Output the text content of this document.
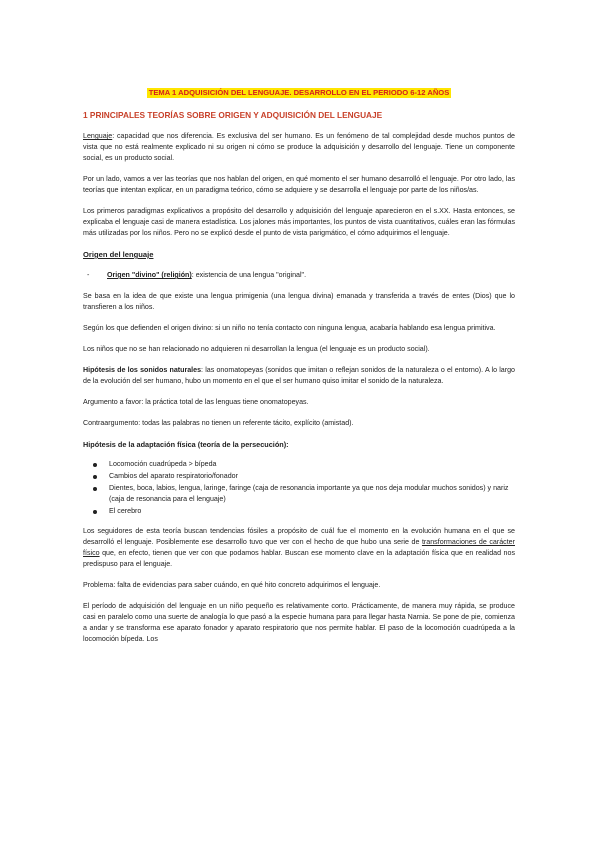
TEMA 1 ADQUISICIÓN DEL LENGUAJE. DESARROLLO EN EL PERIODO 6-12 AÑOS
1 PRINCIPALES TEORÍAS SOBRE ORIGEN Y ADQUISICIÓN DEL LENGUAJE

Lenguaje: capacidad que nos diferencia. Es exclusiva del ser humano. Es un fenómeno de tal complejidad desde muchos puntos de vista que no está realmente explicado ni su origen ni cómo se produce la adquisición y desarrollo del lenguaje. Tiene un componente social, es un producto social.

Por un lado, vamos a ver las teorías que nos hablan del origen, en qué momento el ser humano desarrolló el lenguaje. Por otro lado, las teorías que intentan explicar, en un paradigma teórico, cómo se adquiere y se desarrolla el lenguaje por parte de los niños/as.

Los primeros paradigmas explicativos a propósito del desarrollo y adquisición del lenguaje aparecieron en el s.XX. Hasta entonces, se explicaba el lenguaje casi de manera estadística. Los jalones más importantes, los puntos de vista cuantitativos, cuáles eran las fórmulas más utilizadas por los niños. Pero no se explicó desde el punto de vista parigmático, el cómo adquirimos el lenguaje.

Origen del lenguaje
- Origen "divino" (religión): existencia de una lengua "original".

Se basa en la idea de que existe una lengua primigenia (una lengua divina) emanada y transferida a través de entes (Dios) que lo transfieren a los niños.

Según los que defienden el origen divino: si un niño no tenía contacto con ninguna lengua, acabaría hablando esa lengua primitiva.

Los niños que no se han relacionado no adquieren ni desarrollan la lengua (el lenguaje es un producto social).

Hipótesis de los sonidos naturales: las onomatopeyas (sonidos que imitan o reflejan sonidos de la naturaleza o el entorno). A lo largo de la evolución del ser humano, hubo un momento en el que el ser humano quiso imitar el sonido de la naturaleza.

Argumento a favor: la práctica total de las lenguas tiene onomatopeyas.

Contraargumento: todas las palabras no tienen un referente tácito, explícito (amistad).

Hipótesis de la adaptación física (teoría de la persecución):
Locomoción cuadrúpeda > bípeda
Cambios del aparato respiratorio/fonador
Dientes, boca, labios, lengua, laringe, faringe (caja de resonancia importante ya que nos deja modular muchos sonidos) y nariz (caja de resonancia para el lenguaje)
El cerebro

Los seguidores de esta teoría buscan tendencias fósiles a propósito de cuál fue el momento en la evolución humana en el que se desarrolló el lenguaje. Posiblemente ese desarrollo tuvo que ver con el hecho de que hubo una serie de transformaciones de carácter físico que, en efecto, tienen que ver con que podamos hablar. Buscan ese momento clave en la adaptación física que en realidad nos predispuso para el lenguaje.

Problema: falta de evidencias para saber cuándo, en qué hito concreto adquirimos el lenguaje.

El período de adquisición del lenguaje en un niño pequeño es relativamente corto. Prácticamente, de manera muy rápida, se produce casi en paralelo como una suerte de analogía lo que pasó a la especie humana para para llegar hasta Narnia. Se pone de pie, comienza a andar y se transforma ese aparato fonador y aparato respiratorio que nos permite hablar. El paso de la locomoción cuadrúpeda a la locomoción bípeda. Los
